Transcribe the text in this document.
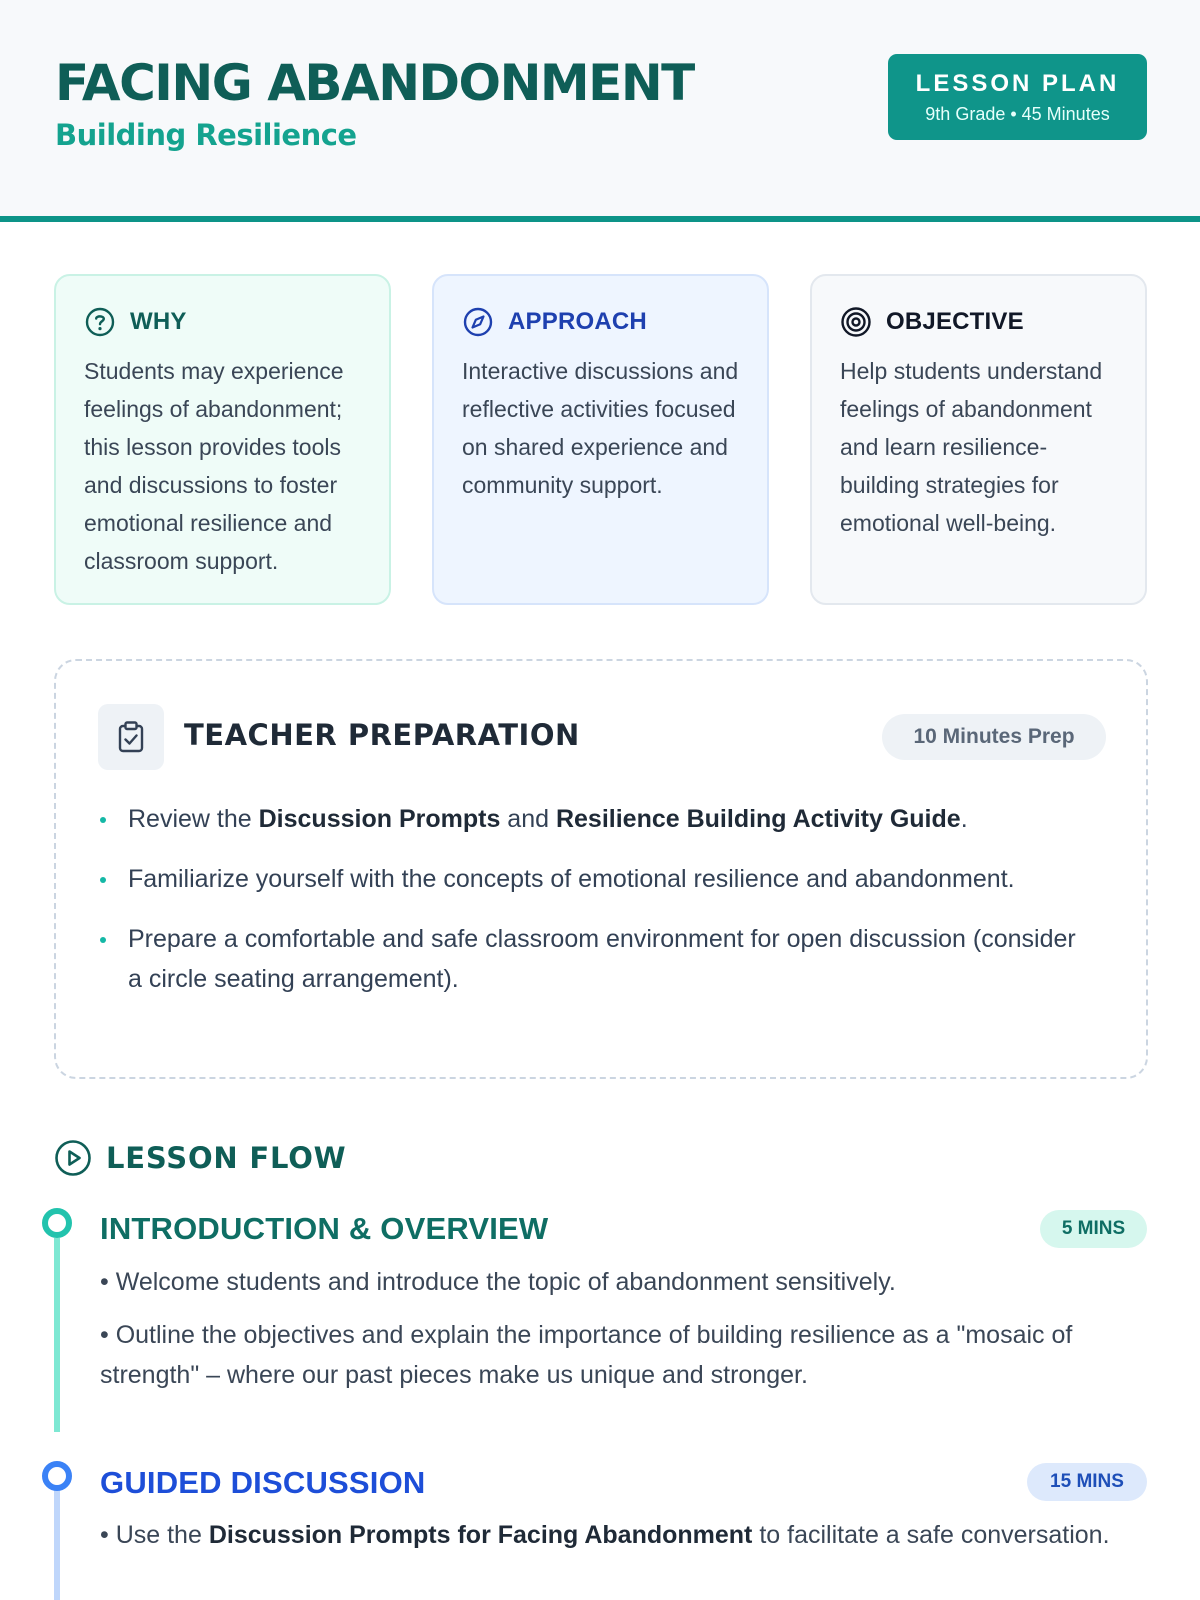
FACING ABANDONMENT
Building Resilience
LESSON PLAN
9th Grade • 45 Minutes
WHY
Students may experience feelings of abandonment; this lesson provides tools and discussions to foster emotional resilience and classroom support.
APPROACH
Interactive discussions and reflective activities focused on shared experience and community support.
OBJECTIVE
Help students understand feelings of abandonment and learn resilience-building strategies for emotional well-being.
TEACHER PREPARATION	10 Minutes Prep
Review the Discussion Prompts and Resilience Building Activity Guide.
Familiarize yourself with the concepts of emotional resilience and abandonment.
Prepare a comfortable and safe classroom environment for open discussion (consider a circle seating arrangement).
LESSON FLOW
INTRODUCTION & OVERVIEW	5 MINS
• Welcome students and introduce the topic of abandonment sensitively.
• Outline the objectives and explain the importance of building resilience as a "mosaic of strength" – where our past pieces make us unique and stronger.
GUIDED DISCUSSION	15 MINS
• Use the Discussion Prompts for Facing Abandonment to facilitate a safe conversation.
